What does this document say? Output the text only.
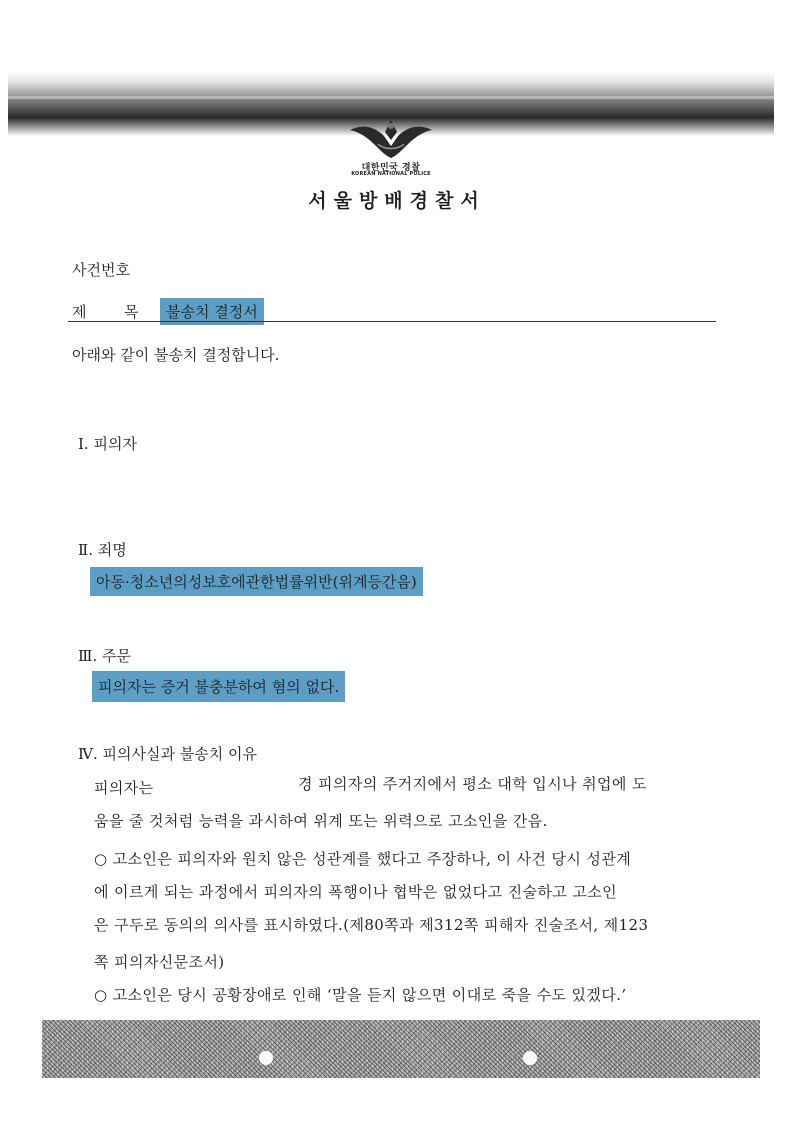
대한민국 경찰
KOREAN NATIONAL POLICE
서울방배경찰서
사건번호
제	목	불송치 결정서
아래와 같이 불송치 결정합니다.
Ⅰ. 피의자
Ⅱ. 죄명
아동·청소년의성보호에관한법률위반(위계등간음)
Ⅲ. 주문
피의자는 증거 불충분하여 혐의 없다.
Ⅳ. 피의사실과 불송치 이유
피의자는	경 피의자의 주거지에서 평소 대학 입시나 취업에 도
움을 줄 것처럼 능력을 과시하여 위계 또는 위력으로 고소인을 간음.
○ 고소인은 피의자와 원치 않은 성관계를 했다고 주장하나, 이 사건 당시 성관계
에 이르게 되는 과정에서 피의자의 폭행이나 협박은 없었다고 진술하고 고소인
은 구두로 동의의 의사를 표시하였다.(제80쪽과 제312쪽 피해자 진술조서, 제123
쪽 피의자신문조서)
○ 고소인은 당시 공황장애로 인해 ‘말을 듣지 않으면 이대로 죽을 수도 있겠다.’
